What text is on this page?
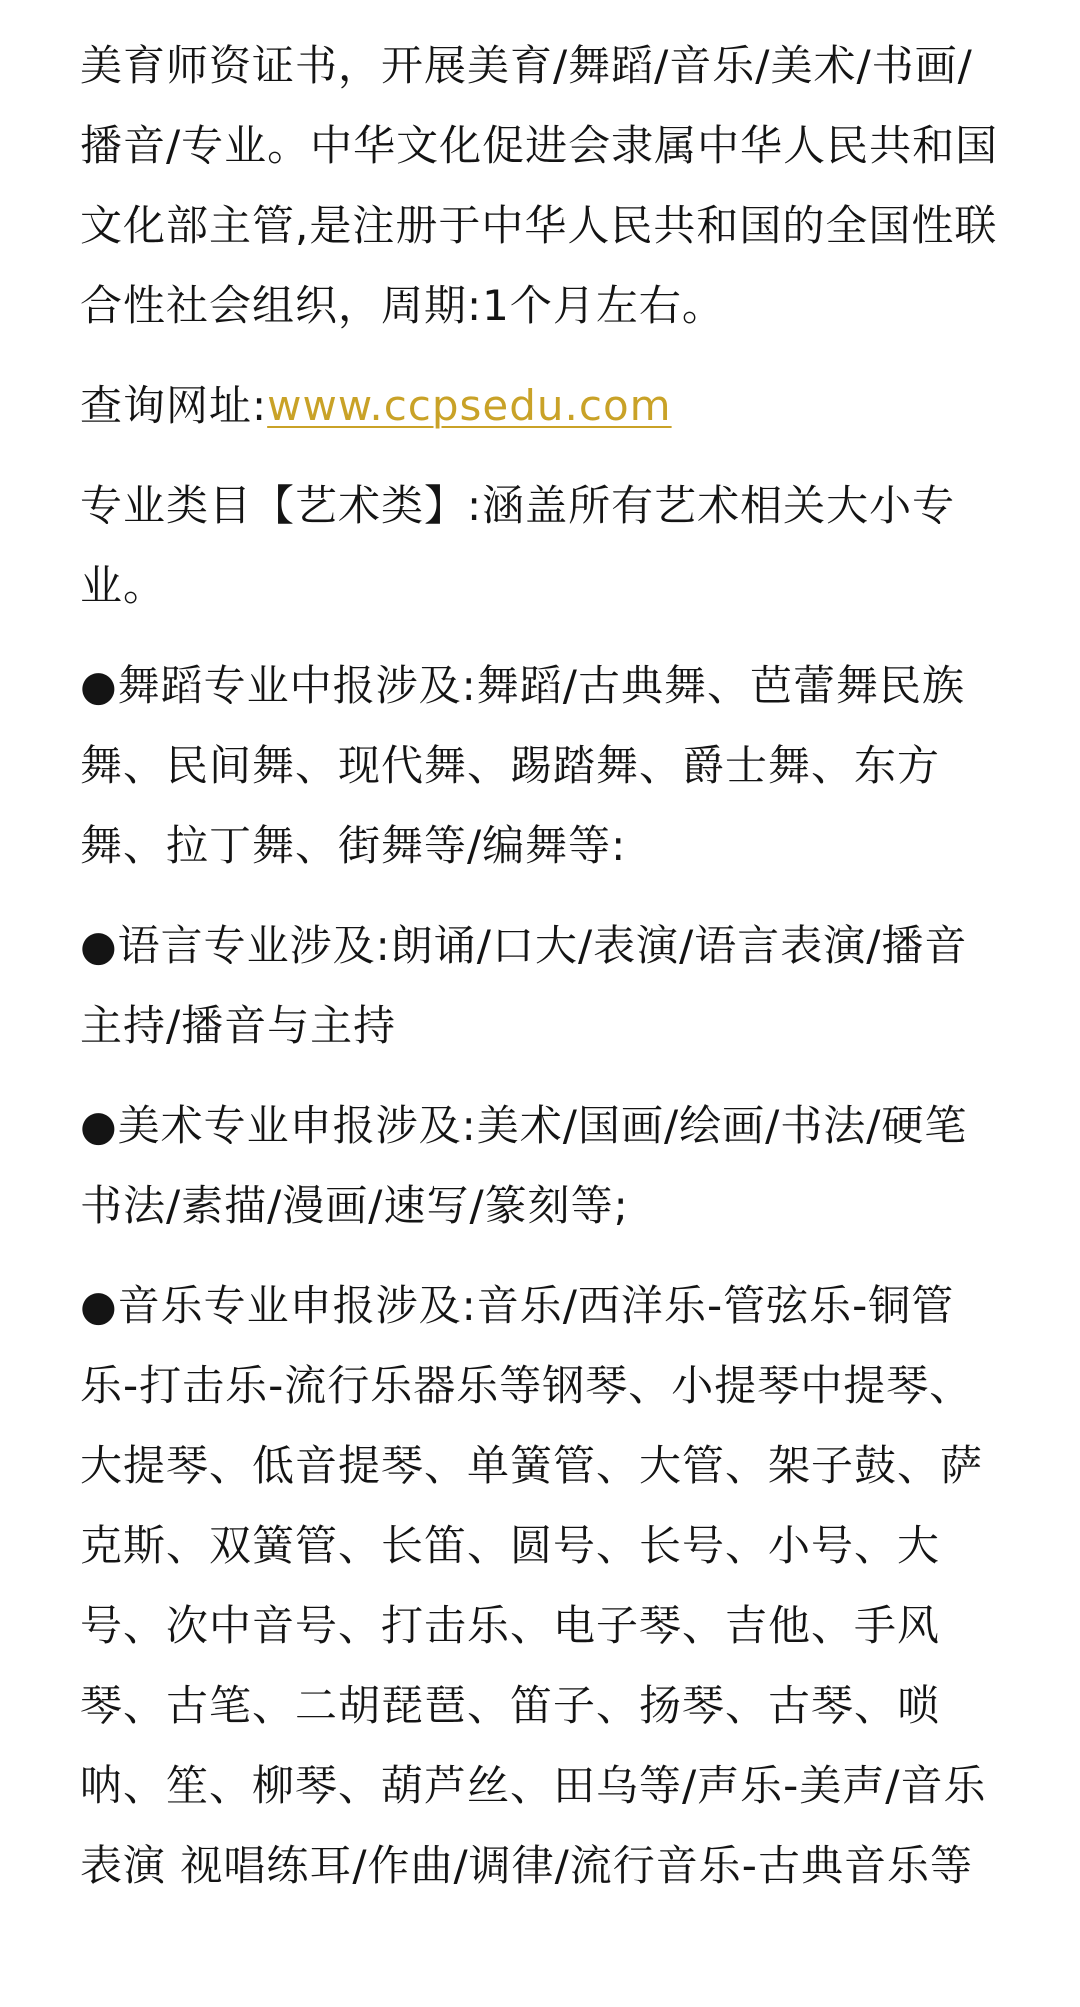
美育师资证书，开展美育/舞蹈/音乐/美术/书画/播音/专业。中华文化促进会隶属中华人民共和国文化部主管,是注册于中华人民共和国的全国性联合性社会组织，周期:1个月左右。

查询网址:www.ccpsedu.com

专业类目【艺术类】:涵盖所有艺术相关大小专业。

●舞蹈专业中报涉及:舞蹈/古典舞、芭蕾舞民族舞、民间舞、现代舞、踢踏舞、爵士舞、东方舞、拉丁舞、街舞等/编舞等:

●语言专业涉及:朗诵/口大/表演/语言表演/播音主持/播音与主持

●美术专业申报涉及:美术/国画/绘画/书法/硬笔书法/素描/漫画/速写/篆刻等;

●音乐专业申报涉及:音乐/西洋乐-管弦乐-铜管乐-打击乐-流行乐器乐等钢琴、小提琴中提琴、大提琴、低音提琴、单簧管、大管、架子鼓、萨克斯、双簧管、长笛、圆号、长号、小号、大号、次中音号、打击乐、电子琴、吉他、手风琴、古笔、二胡琵琶、笛子、扬琴、古琴、唢呐、笙、柳琴、葫芦丝、田乌等/声乐-美声/音乐表演 视唱练耳/作曲/调律/流行音乐-古典音乐等
